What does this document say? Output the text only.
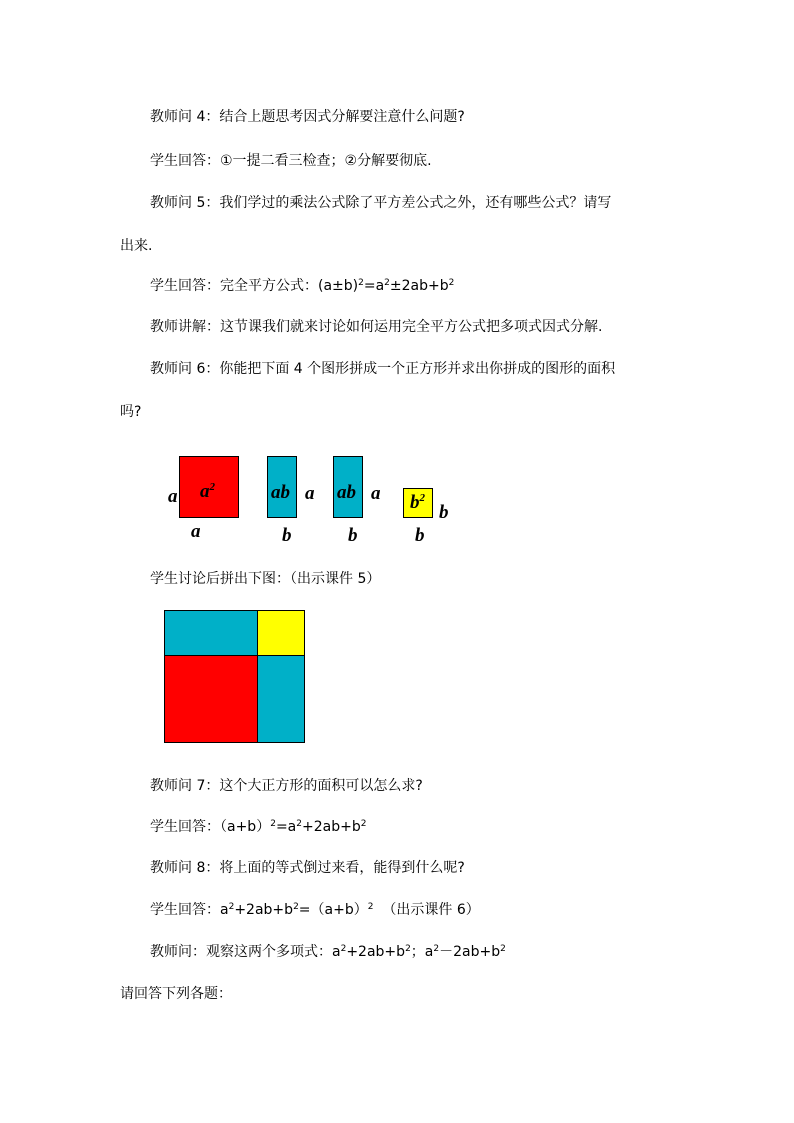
教师问 4：结合上题思考因式分解要注意什么问题?
学生回答：①一提二看三检查；②分解要彻底.
教师问 5：我们学过的乘法公式除了平方差公式之外，还有哪些公式？请写
出来.
学生回答：完全平方公式：$(a\pm b)^2=a^2\pm 2ab+b^2$
教师讲解：这节课我们就来讨论如何运用完全平方公式把多项式因式分解.
教师问 6：你能把下面 4 个图形拼成一个正方形并求出你拼成的图形的面积
吗?
$a^2$
a
a
ab a
b
ab a
b
$b^2$
b
b
学生讨论后拼出下图：（出示课件 5）
教师问 7：这个大正方形的面积可以怎么求?
学生回答：$(a+b)^2=a^2+2ab+b^2$
教师问 8：将上面的等式倒过来看，能得到什么呢?
学生回答：$a^2+2ab+b^2=(a+b)^2$ （出示课件 6）
教师问：观察这两个多项式：$a^2+2ab+b^2$；$a^2-2ab+b^2$
请回答下列各题：
